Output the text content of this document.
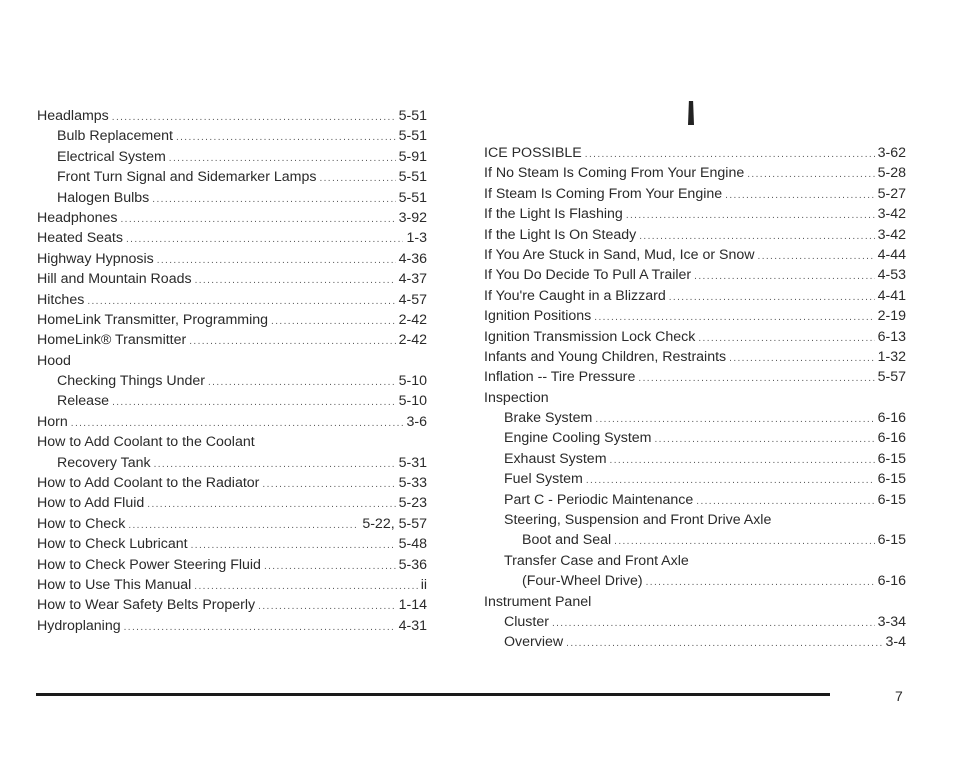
Headlamps .....	5-51
Bulb Replacement .....	5-51
Electrical System .....	5-91
Front Turn Signal and Sidemarker Lamps .....	5-51
Halogen Bulbs .....	5-51
Headphones .....	3-92
Heated Seats .....	1-3
Highway Hypnosis .....	4-36
Hill and Mountain Roads .....	4-37
Hitches .....	4-57
HomeLink Transmitter, Programming .....	2-42
HomeLink® Transmitter .....	2-42
Hood
Checking Things Under .....	5-10
Release .....	5-10
Horn .....	3-6
How to Add Coolant to the Coolant
Recovery Tank .....	5-31
How to Add Coolant to the Radiator .....	5-33
How to Add Fluid .....	5-23
How to Check .....	5-22, 5-57
How to Check Lubricant .....	5-48
How to Check Power Steering Fluid .....	5-36
How to Use This Manual .....	ii
How to Wear Safety Belts Properly .....	1-14
Hydroplaning .....	4-31
ICE POSSIBLE .....	3-62
If No Steam Is Coming From Your Engine .....	5-28
If Steam Is Coming From Your Engine .....	5-27
If the Light Is Flashing .....	3-42
If the Light Is On Steady .....	3-42
If You Are Stuck in Sand, Mud, Ice or Snow .....	4-44
If You Do Decide To Pull A Trailer .....	4-53
If You're Caught in a Blizzard .....	4-41
Ignition Positions .....	2-19
Ignition Transmission Lock Check .....	6-13
Infants and Young Children, Restraints .....	1-32
Inflation -- Tire Pressure .....	5-57
Inspection
Brake System .....	6-16
Engine Cooling System .....	6-16
Exhaust System .....	6-15
Fuel System .....	6-15
Part C - Periodic Maintenance .....	6-15
Steering, Suspension and Front Drive Axle
Boot and Seal .....	6-15
Transfer Case and Front Axle
(Four-Wheel Drive) .....	6-16
Instrument Panel
Cluster .....	3-34
Overview .....	3-4
7
